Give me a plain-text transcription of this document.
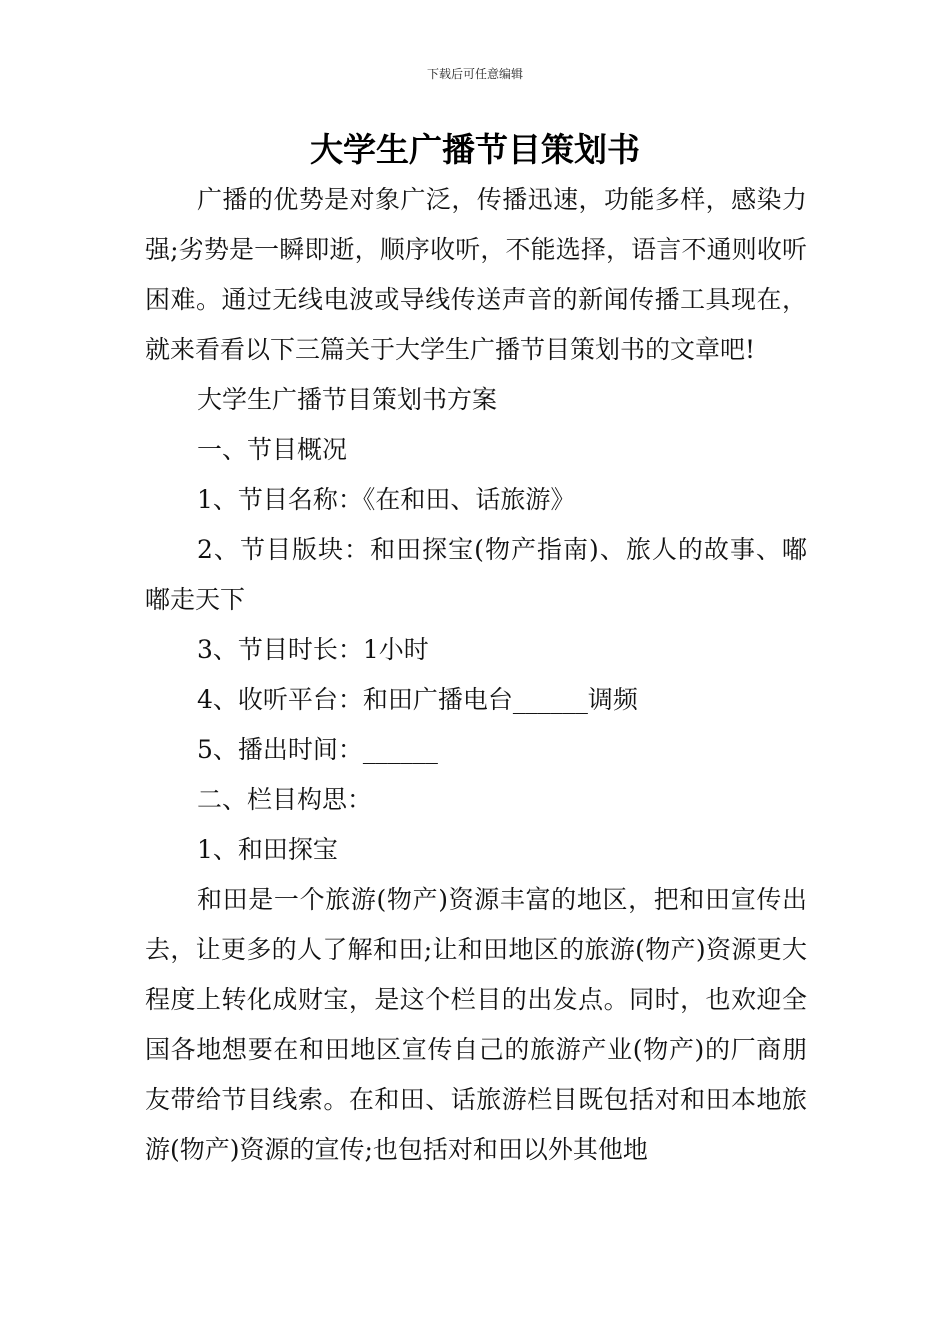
下载后可任意编辑
大学生广播节目策划书

广播的优势是对象广泛，传播迅速，功能多样，感染力强;劣势是一瞬即逝，顺序收听，不能选择，语言不通则收听困难。通过无线电波或导线传送声音的新闻传播工具现在，就来看看以下三篇关于大学生广播节目策划书的文章吧!

大学生广播节目策划书方案

一、节目概况

1、节目名称：《在和田、话旅游》

2、节目版块：和田探宝(物产指南)、旅人的故事、嘟嘟走天下

3、节目时长：1小时

4、收听平台：和田广播电台______调频

5、播出时间：______

二、栏目构思：

1、和田探宝

和田是一个旅游(物产)资源丰富的地区，把和田宣传出去，让更多的人了解和田;让和田地区的旅游(物产)资源更大程度上转化成财宝，是这个栏目的出发点。同时，也欢迎全国各地想要在和田地区宣传自己的旅游产业(物产)的厂商朋友带给节目线索。在和田、话旅游栏目既包括对和田本地旅游(物产)资源的宣传;也包括对和田以外其他地
